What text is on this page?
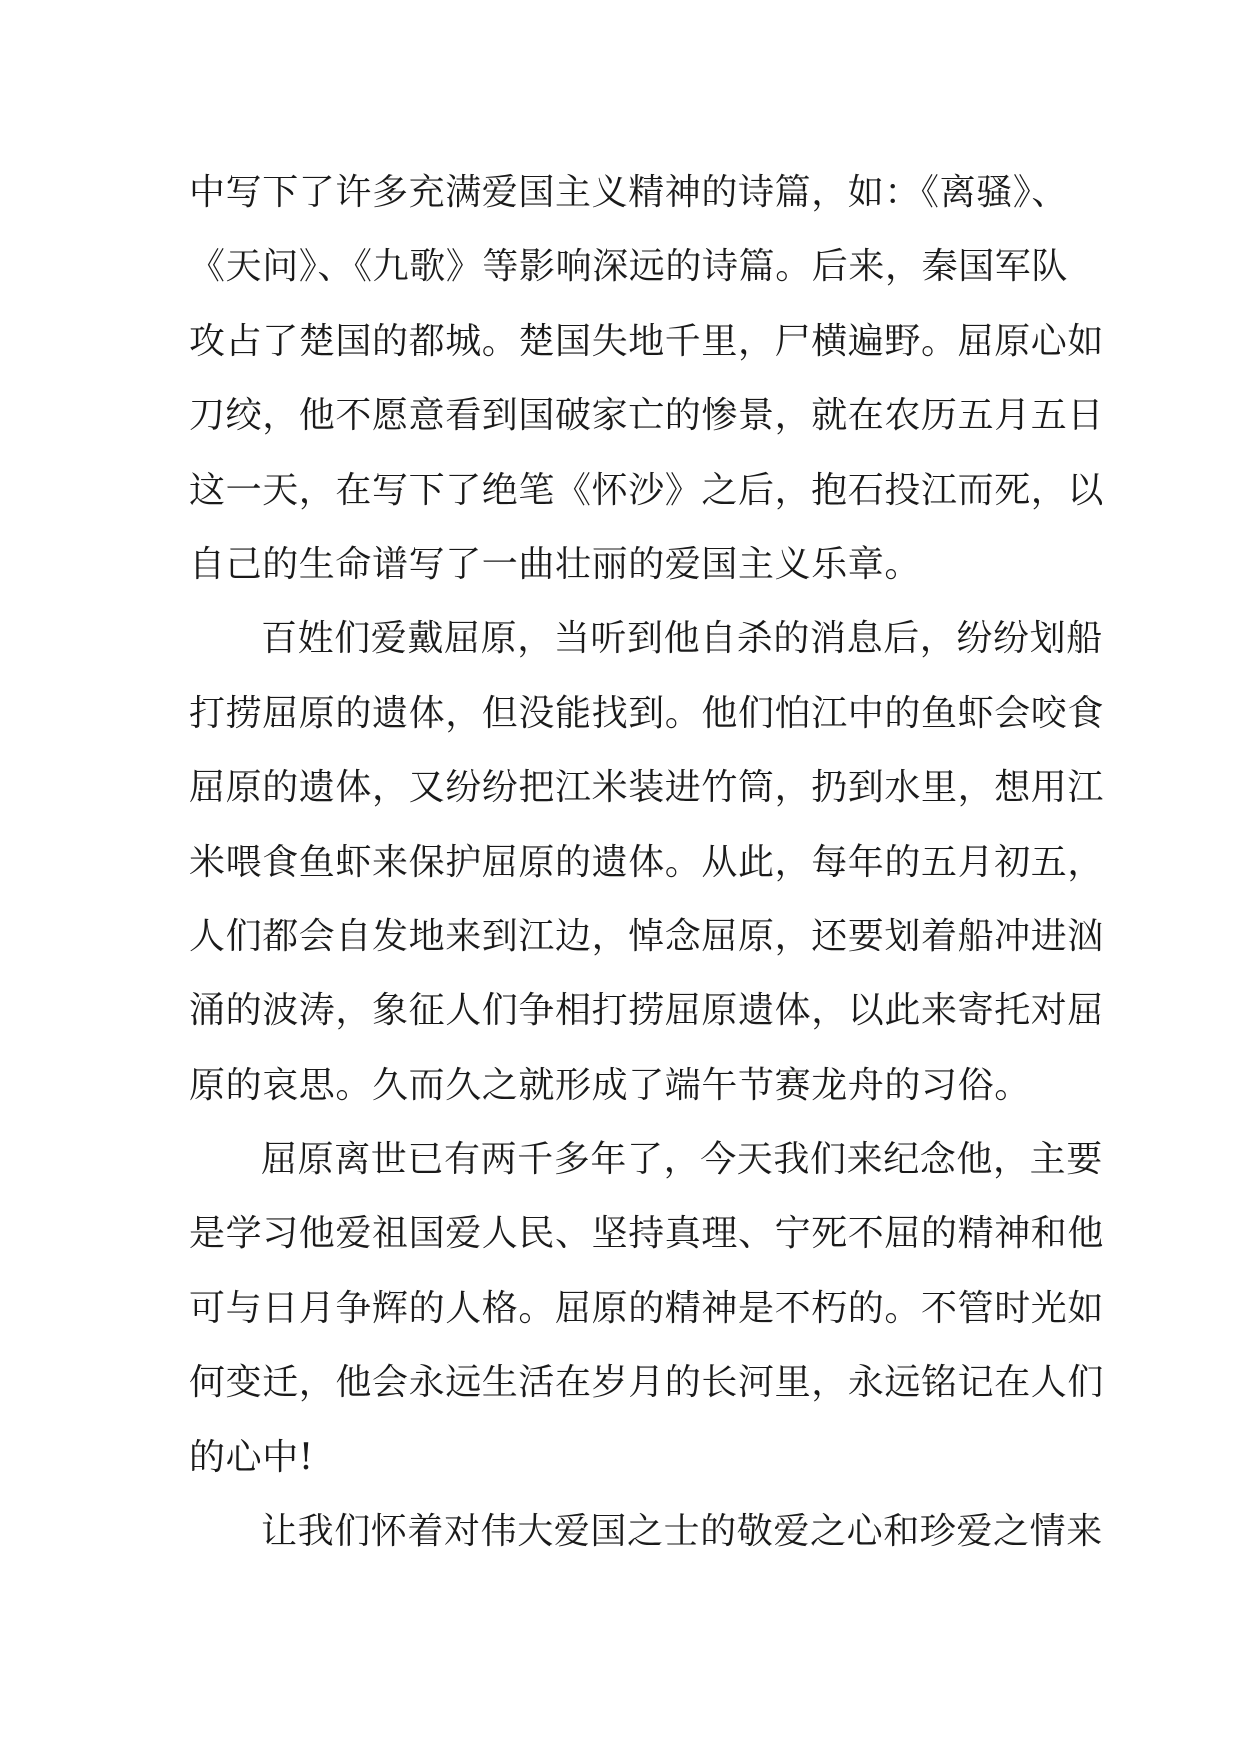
中写下了许多充满爱国主义精神的诗篇，如：《离骚》、
《天问》、《九歌》等影响深远的诗篇。后来，秦国军队
攻占了楚国的都城。楚国失地千里，尸横遍野。屈原心如
刀绞，他不愿意看到国破家亡的惨景，就在农历五月五日
这一天，在写下了绝笔《怀沙》之后，抱石投江而死，以
自己的生命谱写了一曲壮丽的爱国主义乐章。
百姓们爱戴屈原，当听到他自杀的消息后，纷纷划船
打捞屈原的遗体，但没能找到。他们怕江中的鱼虾会咬食
屈原的遗体，又纷纷把江米装进竹筒，扔到水里，想用江
米喂食鱼虾来保护屈原的遗体。从此，每年的五月初五，
人们都会自发地来到江边，悼念屈原，还要划着船冲进汹
涌的波涛，象征人们争相打捞屈原遗体，以此来寄托对屈
原的哀思。久而久之就形成了端午节赛龙舟的习俗。
屈原离世已有两千多年了，今天我们来纪念他，主要
是学习他爱祖国爱人民、坚持真理、宁死不屈的精神和他
可与日月争辉的人格。屈原的精神是不朽的。不管时光如
何变迁，他会永远生活在岁月的长河里，永远铭记在人们
的心中!
让我们怀着对伟大爱国之士的敬爱之心和珍爱之情来
